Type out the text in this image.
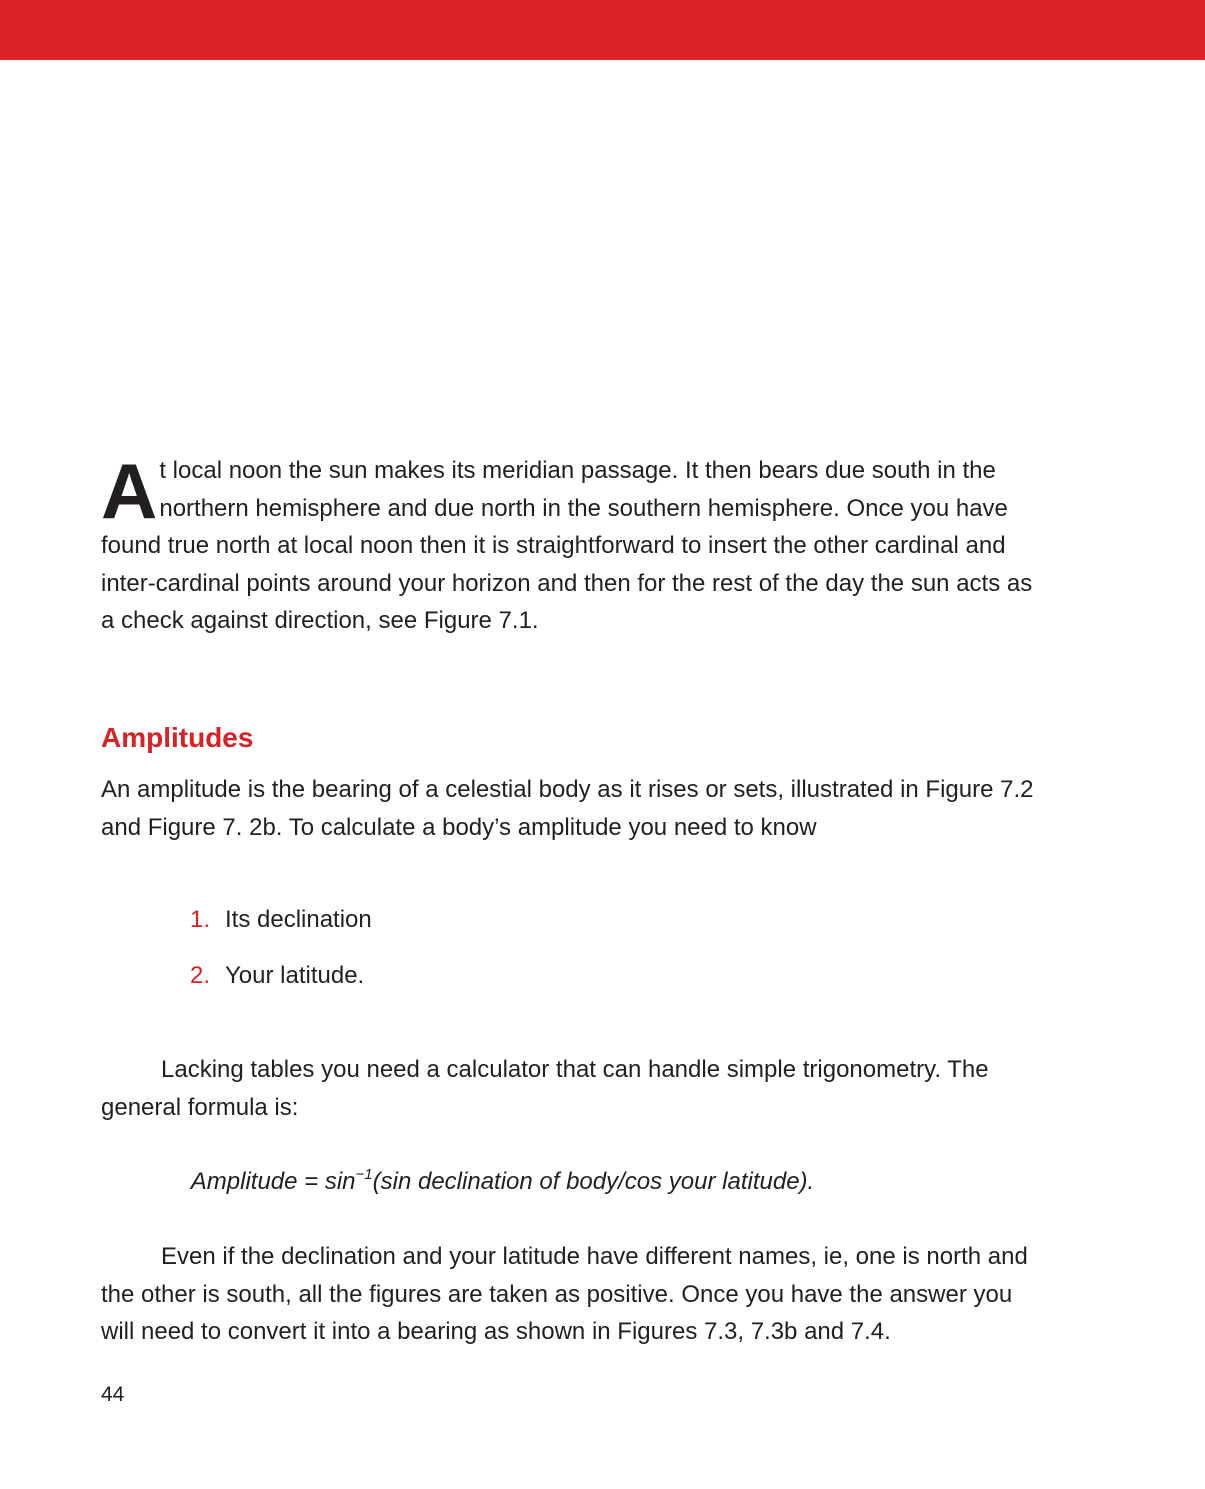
At local noon the sun makes its meridian passage. It then bears due south in the northern hemisphere and due north in the southern hemisphere. Once you have found true north at local noon then it is straightforward to insert the other cardinal and inter-cardinal points around your horizon and then for the rest of the day the sun acts as a check against direction, see Figure 7.1.

Amplitudes

An amplitude is the bearing of a celestial body as it rises or sets, illustrated in Figure 7.2 and Figure 7. 2b. To calculate a body’s amplitude you need to know

1. Its declination
2. Your latitude.

Lacking tables you need a calculator that can handle simple trigonometry. The general formula is:

Amplitude = $\sin^{-1}(\sin$ declination of body/cos your latitude).

Even if the declination and your latitude have different names, ie, one is north and the other is south, all the figures are taken as positive. Once you have the answer you will need to convert it into a bearing as shown in Figures 7.3, 7.3b and 7.4.

44
